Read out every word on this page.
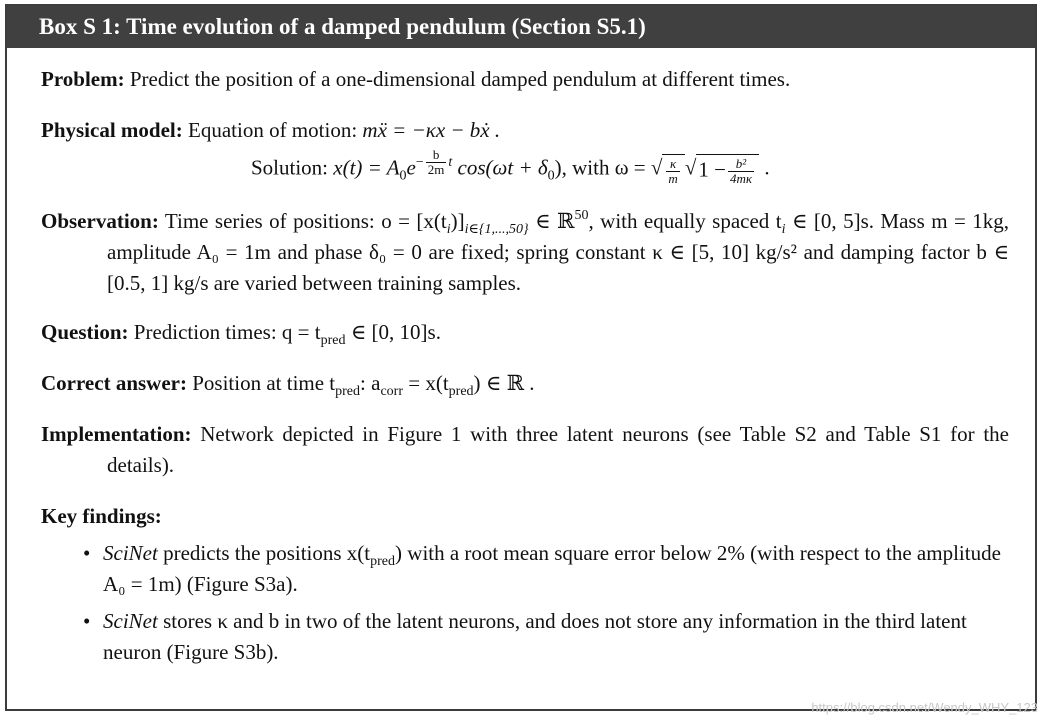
Box S 1: Time evolution of a damped pendulum (Section S5.1)
Problem: Predict the position of a one-dimensional damped pendulum at different times.
Physical model: Equation of motion: mẍ = −κx − bẋ .
Solution: $x(t) = A_0e^{- \frac{b}{2m} t}$ $\cos(\omega t + \delta_0)$, with ω = √ $\frac{\kappa}{m} √1 - \frac{\text{b²}}{4m\kappa}$ .
Observation: Time series of positions: $o = [x(t_i)]_{i\in\{1,...,50\}}$ ∈ ℝ$^{50}$, with equally spaced $t_i$ ∈ [0, 5]s. Mass m = 1kg, amplitude A₀ = 1m and phase δ₀ = 0 are fixed; spring constant κ ∈ [5, 10] kg/s² and damping factor b ∈ [0.5, 1] kg/s are varied between training samples.
Question: Prediction times: $q = t_{pred}$ ∈ [0, 10]s.
Correct answer: Position at time $t_{pred}$: $a_{corr} = x(t_{pred})$ ∈ ℝ .
Implementation: Network depicted in Figure 1 with three latent neurons (see Table S2 and Table S1 for the details).
Key findings:
• SciNet predicts the positions $x(t_{pred})$ with a root mean square error below 2% (with respect to the amplitude A₀ = 1m) (Figure S3a).
• SciNet stores κ and b in two of the latent neurons, and does not store any information in the third latent neuron (Figure S3b).
https://blog.csdn.net/Wendy_WHY_123
